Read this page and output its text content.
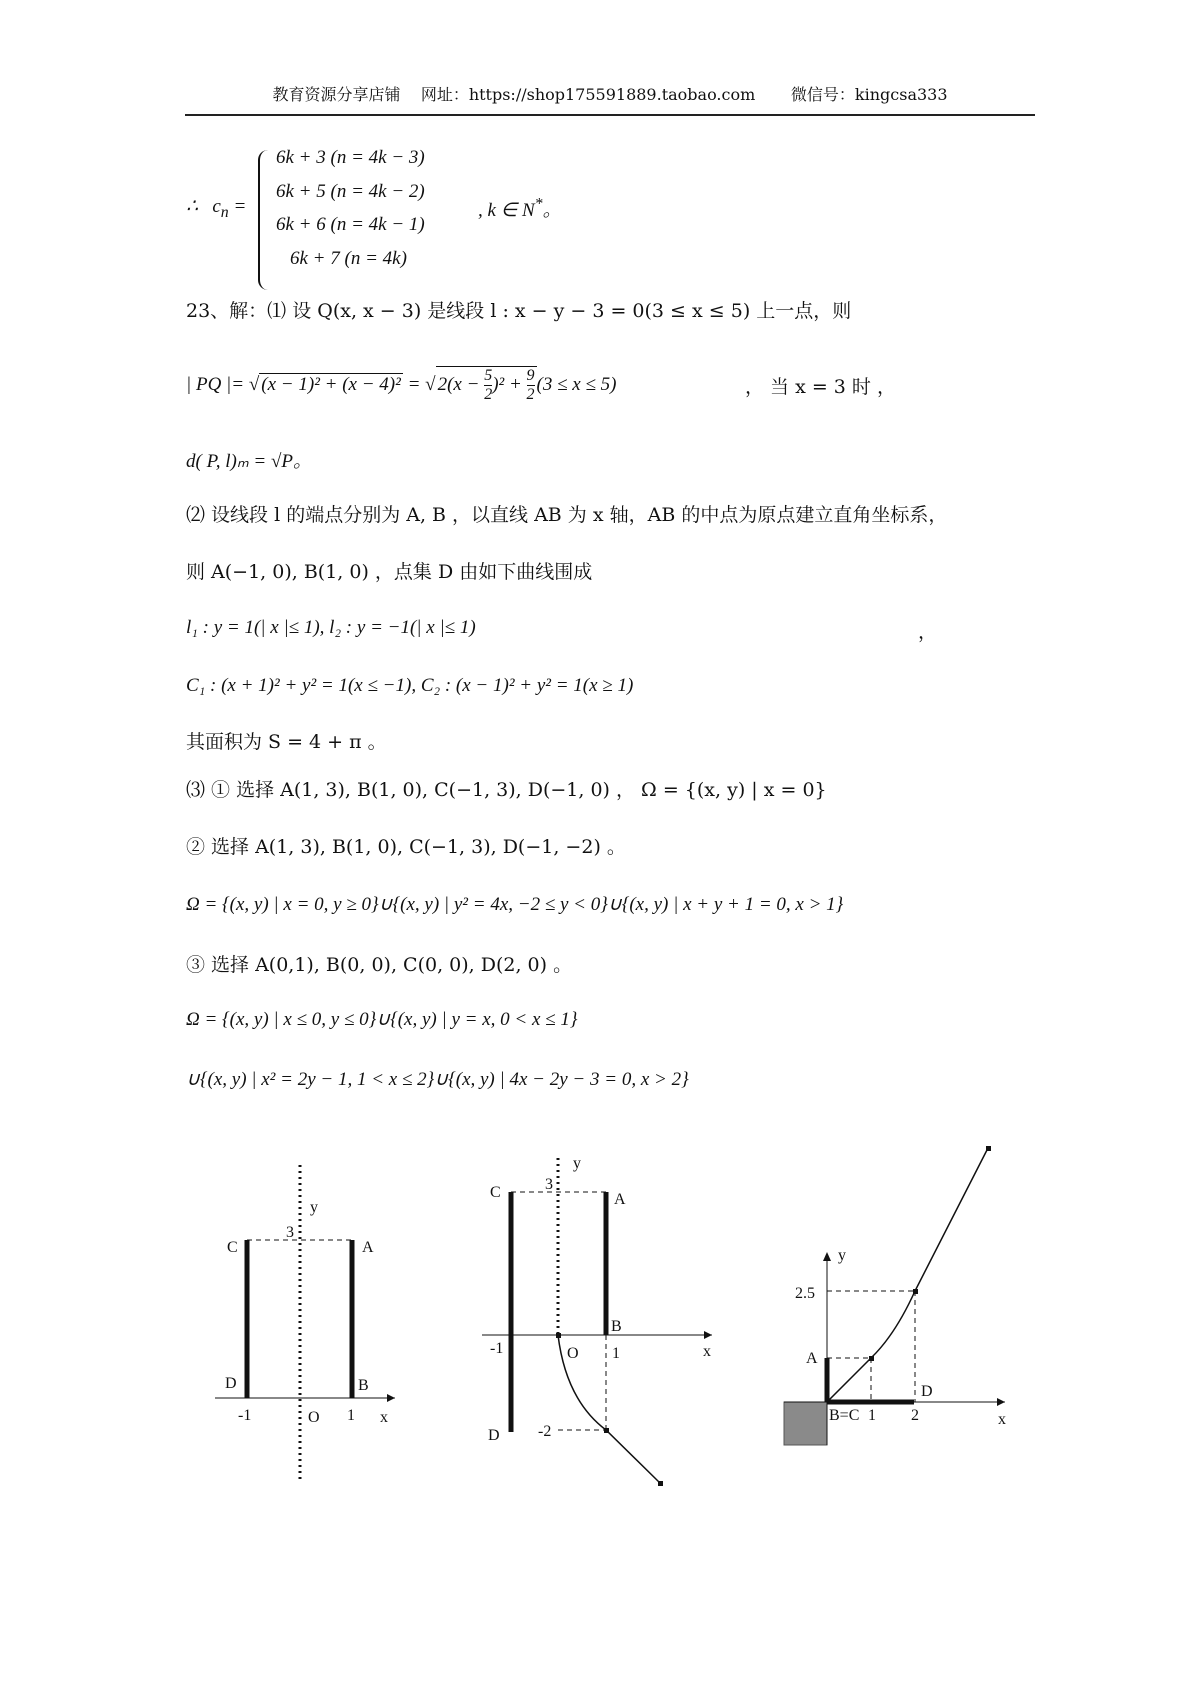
教育资源分享店铺 网址：https://shop175591889.taobao.com 微信号：kingcsa333
∴ $c_n$ =
6k + 3 (n = 4k − 3)
6k + 5 (n = 4k − 2)
6k + 6 (n = 4k − 1)
6k + 7 (n = 4k)
, k ∈ N*。
23、解：⑴ 设 Q(x, x − 3) 是线段 l : x − y − 3 = 0(3 ≤ x ≤ 5) 上一点，则
| PQ |= √ (x − 1)² + (x − 4)² = √ $2(x - \frac{5}{2} )^2 + \frac{9}{2} (3 \le x \le 5)$	， 当 x = 3 时 ，
d( P, l)ₘ = √P。
⑵ 设线段 l 的端点分别为 A, B ，以直线 AB 为 x 轴，AB 的中点为原点建立直角坐标系，
则 A(−1, 0), B(1, 0) ，点集 D 由如下曲线围成
l₁ : y = 1(| x |≤ 1), l₂ : y = −1(| x |≤ 1)	，
C₁ : (x + 1)² + y² = 1(x ≤ −1), C₂ : (x − 1)² + y² = 1(x ≥ 1)
其面积为 S = 4 + π 。
⑶ ① 选择 A(1, 3), B(1, 0), C(−1, 3), D(−1, 0) ， Ω = {(x, y) | x = 0}
② 选择 A(1, 3), B(1, 0), C(−1, 3), D(−1, −2) 。
Ω = {(x, y) | x = 0, y ≥ 0}∪{(x, y) | y² = 4x, −2 ≤ y < 0}∪{(x, y) | x + y + 1 = 0, x > 1}
③ 选择 A(0,1), B(0, 0), C(0, 0), D(2, 0) 。
Ω = {(x, y) | x ≤ 0, y ≤ 0}∪{(x, y) | y = x, 0 < x ≤ 1}
∪{(x, y) | x² = 2y − 1, 1 < x ≤ 2}∪{(x, y) | 4x − 2y − 3 = 0, x > 2}
y
x
C	A
3
D	B
-1	O 1
y
x
C	A
3
B
-1	O 1
-2
D
y
x
2.5
A
D
B=C 1 2
